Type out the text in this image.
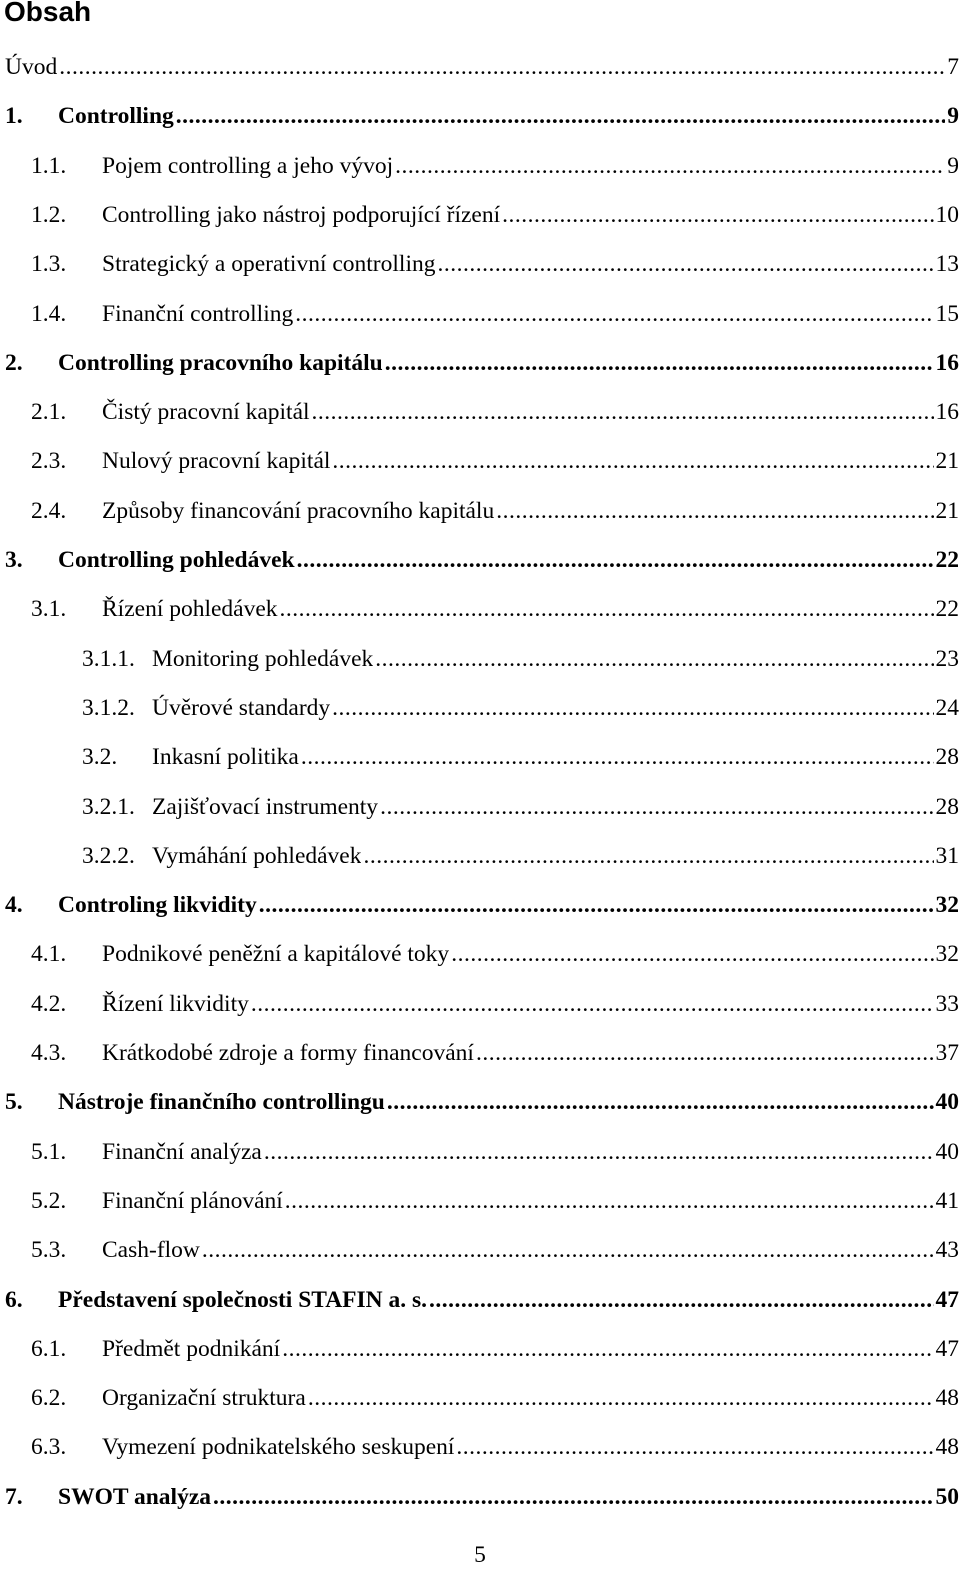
Obsah
Úvod .....	7
1.	Controlling .....	9
1.1.	Pojem controlling a jeho vývoj .....	9
1.2.	Controlling jako nástroj podporující řízení .....	10
1.3.	Strategický a operativní controlling .....	13
1.4.	Finanční controlling .....	15
2.	Controlling pracovního kapitálu .....	16
2.1.	Čistý pracovní kapitál .....	16
2.3.	Nulový pracovní kapitál .....	21
2.4.	Způsoby financování pracovního kapitálu .....	21
3.	Controlling pohledávek .....	22
3.1.	Řízení pohledávek .....	22
3.1.1. Monitoring pohledávek .....	23
3.1.2. Úvěrové standardy .....	24
3.2.	Inkasní politika .....	28
3.2.1. Zajišťovací instrumenty .....	28
3.2.2. Vymáhání pohledávek .....	31
4.	Controling likvidity .....	32
4.1.	Podnikové peněžní a kapitálové toky .....	32
4.2.	Řízení likvidity .....	33
4.3.	Krátkodobé zdroje a formy financování .....	37
5.	Nástroje finančního controllingu .....	40
5.1.	Finanční analýza .....	40
5.2.	Finanční plánování .....	41
5.3.	Cash-flow .....	43
6.	Představení společnosti STAFIN a. s. .....	47
6.1.	Předmět podnikání .....	47
6.2.	Organizační struktura .....	48
6.3.	Vymezení podnikatelského seskupení .....	48
7.	SWOT analýza .....	50
5
